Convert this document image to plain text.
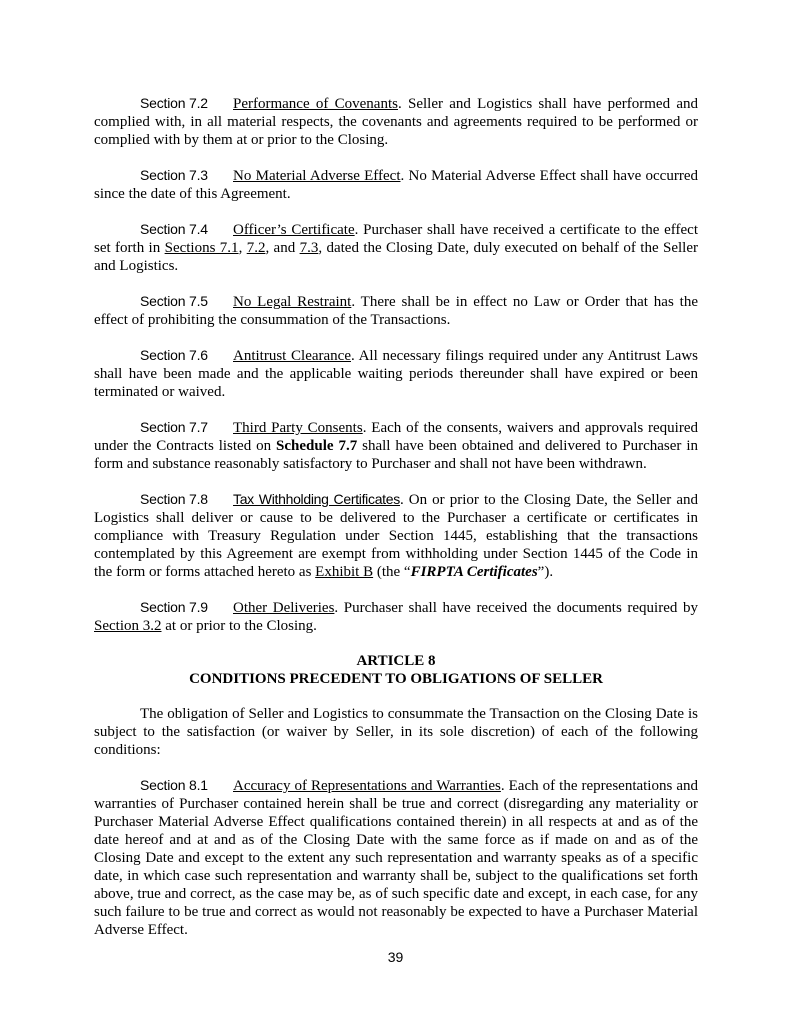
Section 7.2 Performance of Covenants. Seller and Logistics shall have performed and complied with, in all material respects, the covenants and agreements required to be performed or complied with by them at or prior to the Closing.

Section 7.3 No Material Adverse Effect. No Material Adverse Effect shall have occurred since the date of this Agreement.

Section 7.4 Officer’s Certificate. Purchaser shall have received a certificate to the effect set forth in Sections 7.1, 7.2, and 7.3, dated the Closing Date, duly executed on behalf of the Seller and Logistics.

Section 7.5 No Legal Restraint. There shall be in effect no Law or Order that has the effect of prohibiting the consummation of the Transactions.

Section 7.6 Antitrust Clearance. All necessary filings required under any Antitrust Laws shall have been made and the applicable waiting periods thereunder shall have expired or been terminated or waived.

Section 7.7 Third Party Consents. Each of the consents, waivers and approvals required under the Contracts listed on Schedule 7.7 shall have been obtained and delivered to Purchaser in form and substance reasonably satisfactory to Purchaser and shall not have been withdrawn.

Section 7.8 Tax Withholding Certificates. On or prior to the Closing Date, the Seller and Logistics shall deliver or cause to be delivered to the Purchaser a certificate or certificates in compliance with Treasury Regulation under Section 1445, establishing that the transactions contemplated by this Agreement are exempt from withholding under Section 1445 of the Code in the form or forms attached hereto as Exhibit B (the “FIRPTA Certificates”).

Section 7.9 Other Deliveries. Purchaser shall have received the documents required by Section 3.2 at or prior to the Closing.

ARTICLE 8
CONDITIONS PRECEDENT TO OBLIGATIONS OF SELLER

The obligation of Seller and Logistics to consummate the Transaction on the Closing Date is subject to the satisfaction (or waiver by Seller, in its sole discretion) of each of the following conditions:

Section 8.1 Accuracy of Representations and Warranties. Each of the representations and warranties of Purchaser contained herein shall be true and correct (disregarding any materiality or Purchaser Material Adverse Effect qualifications contained therein) in all respects at and as of the date hereof and at and as of the Closing Date with the same force as if made on and as of the Closing Date and except to the extent any such representation and warranty speaks as of a specific date, in which case such representation and warranty shall be, subject to the qualifications set forth above, true and correct, as the case may be, as of such specific date and except, in each case, for any such failure to be true and correct as would not reasonably be expected to have a Purchaser Material Adverse Effect.

39
